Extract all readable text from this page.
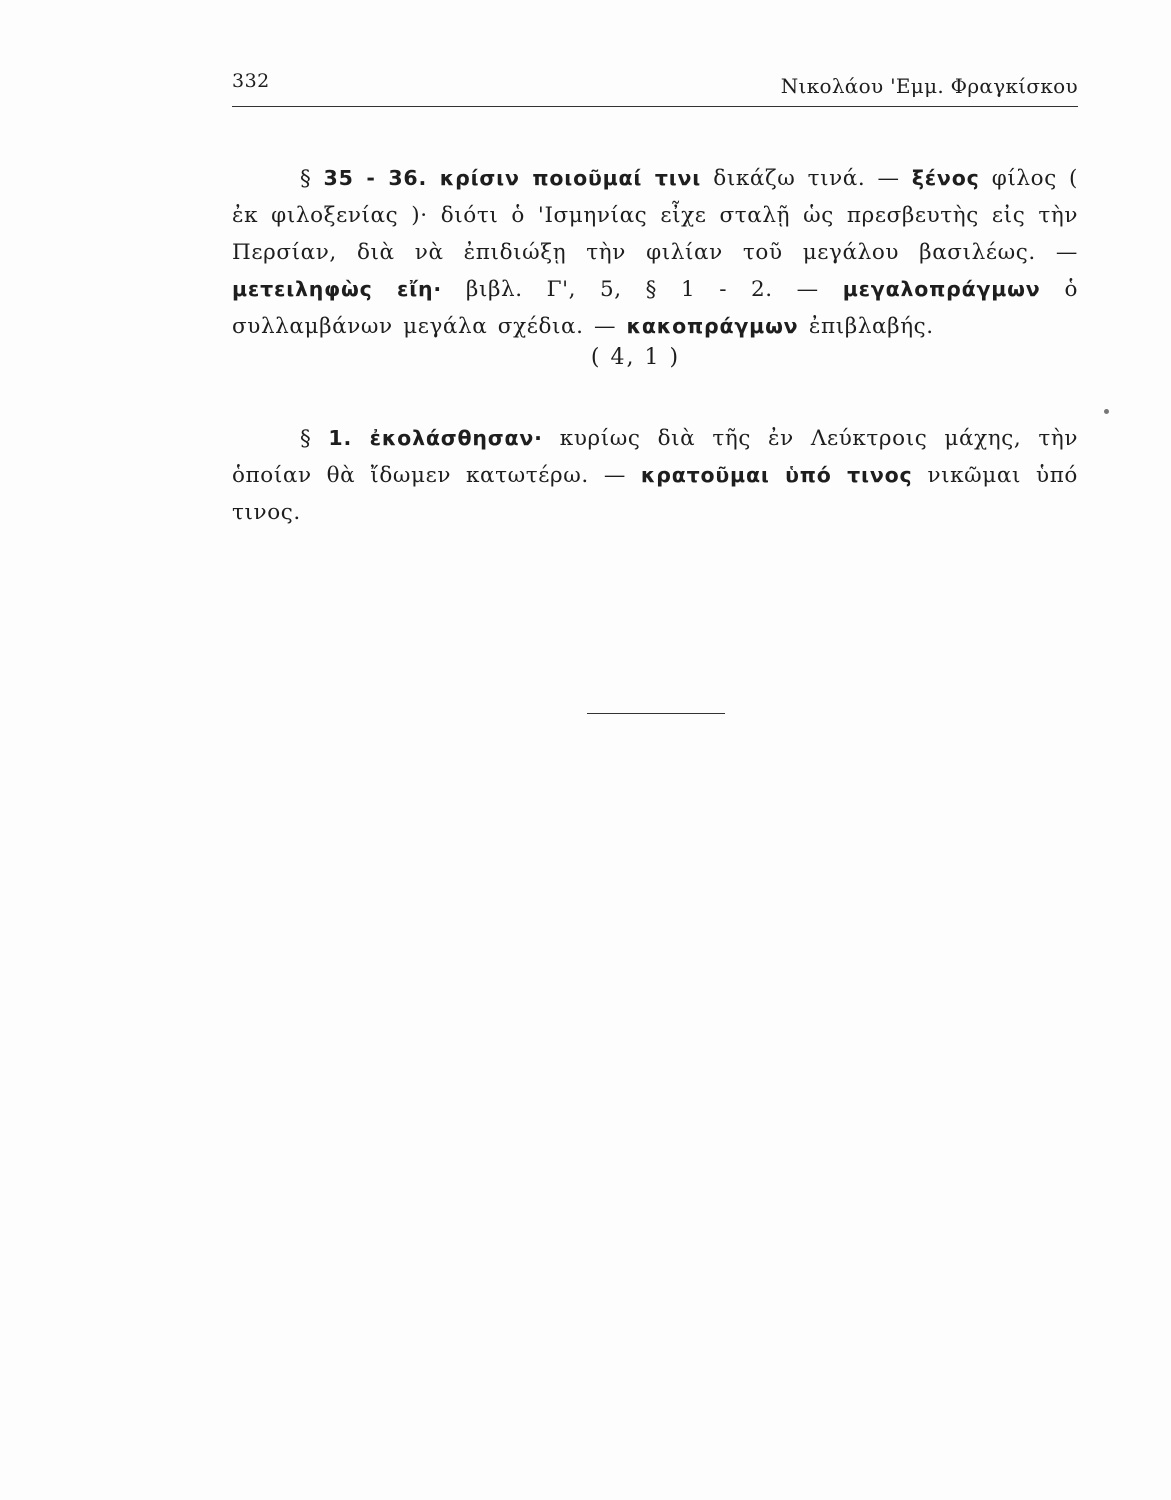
332	Νικολάου 'Εμμ. Φραγκίσκου

§ 35 - 36. κρίσιν ποιοῦμαί τινι δικάζω τινά. — ξένος φίλος ( ἐκ φιλοξενίας )· διότι ὁ 'Ισμηνίας εἶχε σταλῇ ὡς πρεσβευτὴς εἰς τὴν Περσίαν, διὰ νὰ ἐπιδιώξῃ τὴν φιλίαν τοῦ μεγάλου βασιλέως. — μετειληφὼς εἴη· βιβλ. Γ', 5, § 1 - 2. — μεγαλοπράγμων ὁ συλλαμβάνων μεγάλα σχέδια. — κακοπράγμων ἐπιβλαβής.

( 4, 1 )

§ 1. ἐκολάσθησαν· κυρίως διὰ τῆς ἐν Λεύκτροις μάχης, τὴν ὁποίαν θὰ ἴδωμεν κατωτέρω. — κρατοῦμαι ὑπό τινος νικῶμαι ὑπό τινος.
